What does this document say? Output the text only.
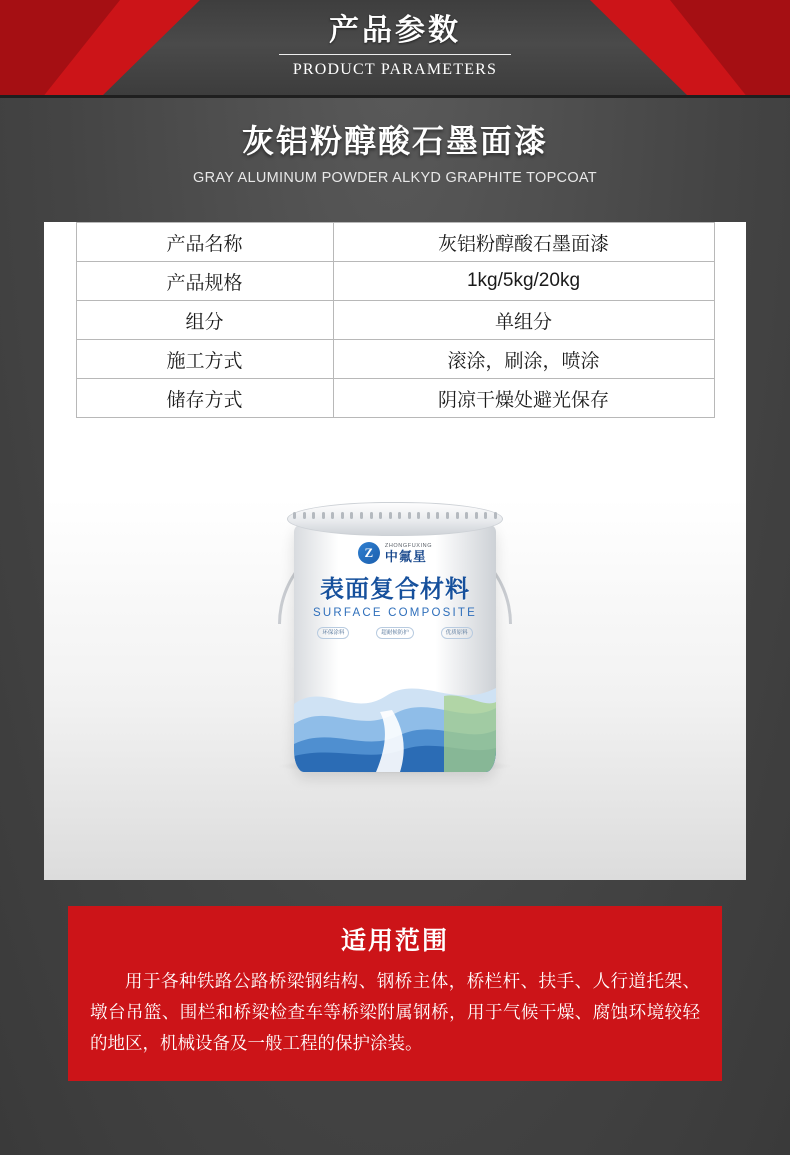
产品参数
PRODUCT PARAMETERS
灰铝粉醇酸石墨面漆
GRAY ALUMINUM POWDER ALKYD GRAPHITE TOPCOAT
产品名称	灰铝粉醇酸石墨面漆
产品规格	1kg/5kg/20kg
组分	单组分
施工方式	滚涂，刷涂，喷涂
储存方式	阴凉干燥处避光保存
Z	ZHONGFUXING
中氟星
表面复合材料
SURFACE COMPOSITE
环保涂料	超耐候防护	优质原料
适用范围
用于各种铁路公路桥梁钢结构、钢桥主体，桥栏杆、扶手、人行道托架、墩台吊篮、围栏和桥梁检查车等桥梁附属钢桥，用于气候干燥、腐蚀环境较轻的地区，机械设备及一般工程的保护涂装。
